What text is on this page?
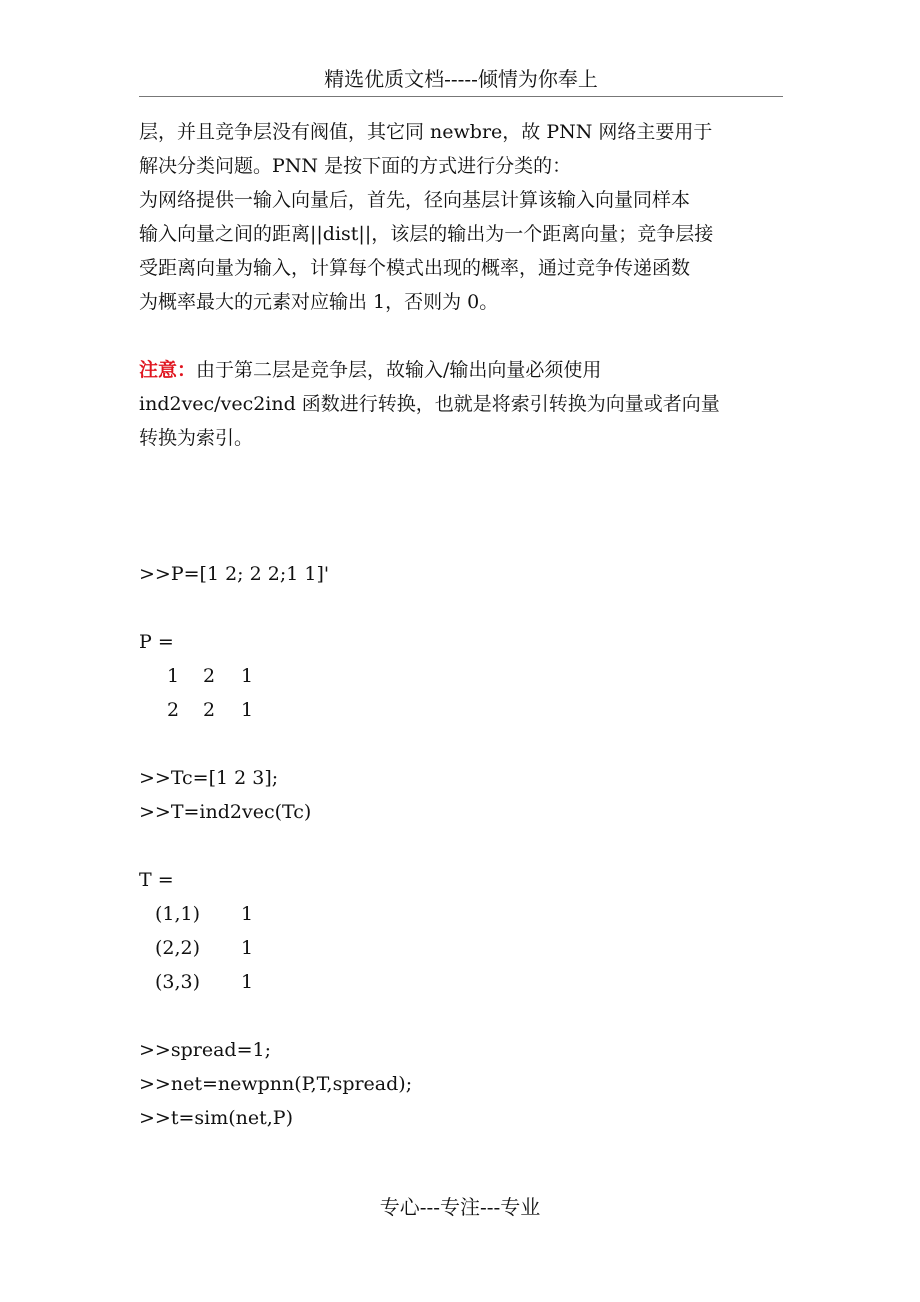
精选优质文档-----倾情为你奉上
层，并且竞争层没有阀值，其它同 newbre，故 PNN 网络主要用于
解决分类问题。PNN 是按下面的方式进行分类的：
为网络提供一输入向量后，首先，径向基层计算该输入向量同样本
输入向量之间的距离||dist||，该层的输出为一个距离向量；竞争层接
受距离向量为输入，计算每个模式出现的概率，通过竞争传递函数
为概率最大的元素对应输出 1，否则为 0。
注意：由于第二层是竞争层，故输入/输出向量必须使用
ind2vec/vec2ind 函数进行转换，也就是将索引转换为向量或者向量
转换为索引。
>>P=[1 2; 2 2;1 1]'
P =

1

2

1

2

2

1

>>Tc=[1 2 3];
>>T=ind2vec(Tc)
T =

(1,1)

1

(2,2)

1

(3,3)

1

>>spread=1;
>>net=newpnn(P,T,spread);
>>t=sim(net,P)
专心---专注---专业
